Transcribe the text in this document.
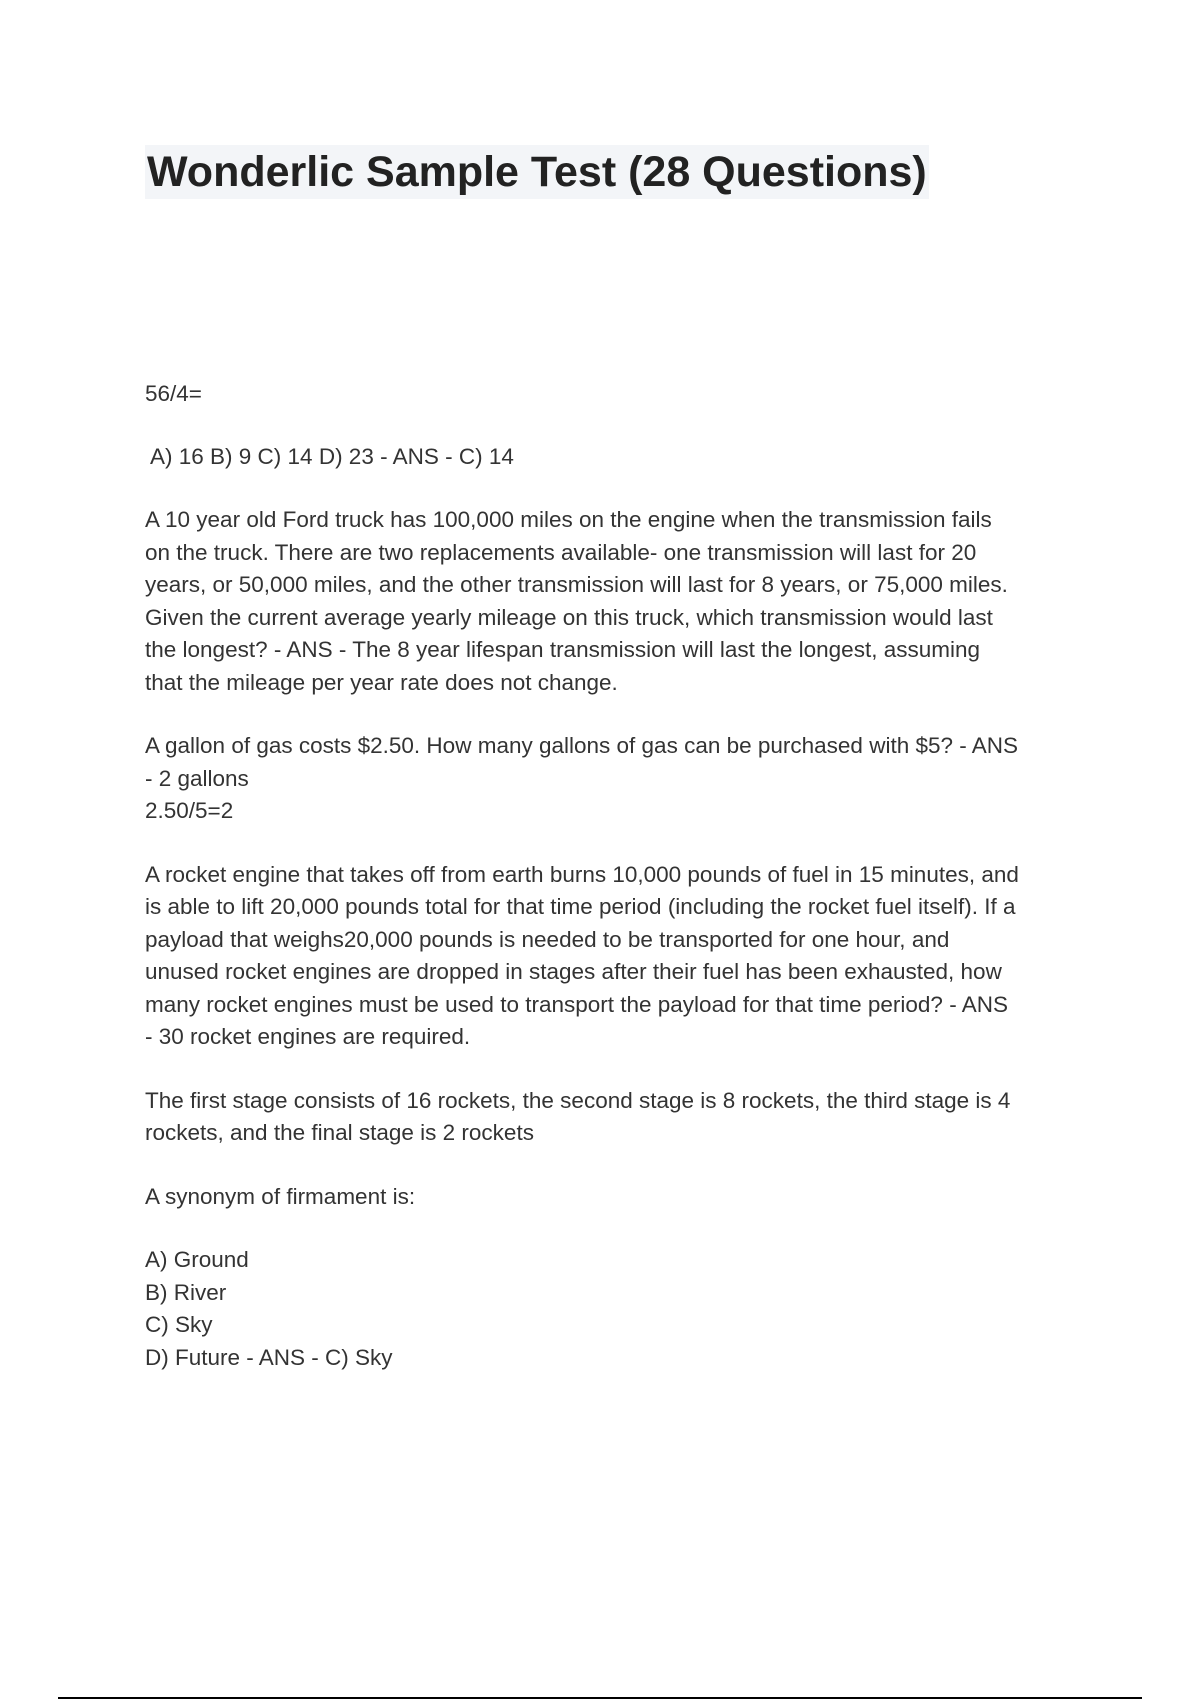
Wonderlic Sample Test (28 Questions)

56/4=

A) 16 B) 9 C) 14 D) 23 - ANS - C) 14

A 10 year old Ford truck has 100,000 miles on the engine when the transmission fails

on the truck. There are two replacements available- one transmission will last for 20

years, or 50,000 miles, and the other transmission will last for 8 years, or 75,000 miles.

Given the current average yearly mileage on this truck, which transmission would last

the longest? - ANS - The 8 year lifespan transmission will last the longest, assuming

that the mileage per year rate does not change.

A gallon of gas costs $2.50. How many gallons of gas can be purchased with $5? - ANS

- 2 gallons

2.50/5=2

A rocket engine that takes off from earth burns 10,000 pounds of fuel in 15 minutes, and

is able to lift 20,000 pounds total for that time period (including the rocket fuel itself). If a

payload that weighs20,000 pounds is needed to be transported for one hour, and

unused rocket engines are dropped in stages after their fuel has been exhausted, how

many rocket engines must be used to transport the payload for that time period? - ANS

- 30 rocket engines are required.

The first stage consists of 16 rockets, the second stage is 8 rockets, the third stage is 4

rockets, and the final stage is 2 rockets

A synonym of firmament is:

A) Ground

B) River

C) Sky

D) Future - ANS - C) Sky
